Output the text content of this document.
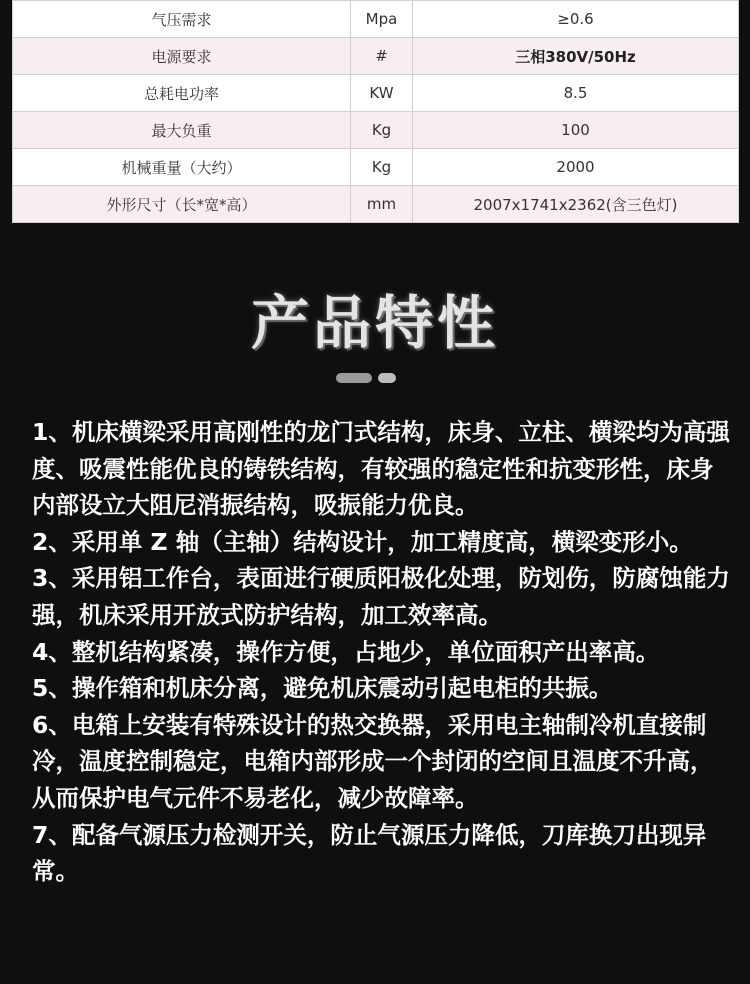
气压需求	Mpa	≥0.6
电源要求	#	三相380V/50Hz
总耗电功率	KW	8.5
最大负重	Kg	100
机械重量（大约）	Kg	2000
外形尺寸（长*宽*高）	mm	2007x1741x2362(含三色灯)
产品特性

1、机床横梁采用高刚性的龙门式结构，床身、立柱、横梁均为高强度、吸震性能优良的铸铁结构，有较强的稳定性和抗变形性，床身内部设立大阻尼消振结构，吸振能力优良。

2、采用单 Z 轴（主轴）结构设计，加工精度高，横梁变形小。

3、采用铝工作台，表面进行硬质阳极化处理，防划伤，防腐蚀能力强，机床采用开放式防护结构，加工效率高。

4、整机结构紧凑，操作方便，占地少，单位面积产出率高。

5、操作箱和机床分离，避免机床震动引起电柜的共振。

6、电箱上安装有特殊设计的热交换器，采用电主轴制冷机直接制冷，温度控制稳定，电箱内部形成一个封闭的空间且温度不升高，从而保护电气元件不易老化，减少故障率。

7、配备气源压力检测开关，防止气源压力降低，刀库换刀出现异常。
